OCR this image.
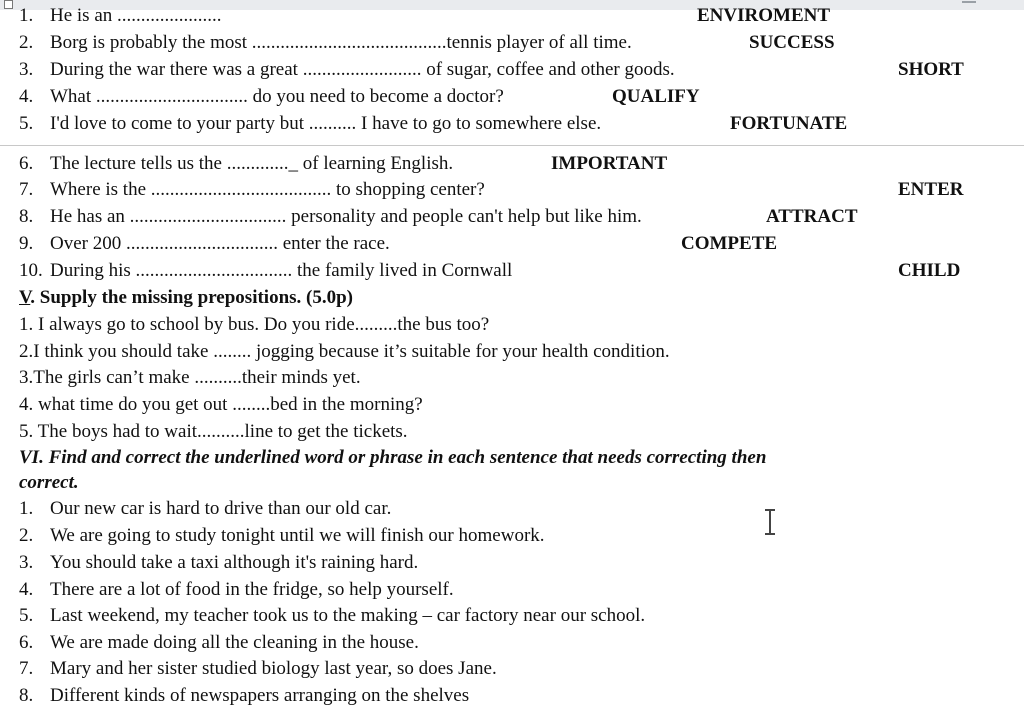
1. He is an ......................	ENVIROMENT
2. Borg is probably the most .........................................tennis player of all time.	SUCCESS
3. During the war there was a great ......................... of sugar, coffee and other goods.	SHORT
4. What ................................ do you need to become a doctor?	QUALIFY
5. I'd love to come to your party but .......... I have to go to somewhere else.	FORTUNATE
6. The lecture tells us the ............._ of learning English.	IMPORTANT
7. Where is the ...................................... to shopping center?	ENTER
8. He has an ................................. personality and people can't help but like him.	ATTRACT
9. Over 200 ................................ enter the race.	COMPETE
10. During his ................................. the family lived in Cornwall	CHILD
V. Supply the missing prepositions. (5.0p)
1. I always go to school by bus. Do you ride.........the bus too?
2.I think you should take ........ jogging because it’s suitable for your health condition.
3.The girls can’t make ..........their minds yet.
4. what time do you get out ........bed in the morning?
5. The boys had to wait..........line to get the tickets.
VI. Find and correct the underlined word or phrase in each sentence that needs correcting then
correct.
1. Our new car is hard to drive than our old car.
2. We are going to study tonight until we will finish our homework.
3. You should take a taxi although it's raining hard.
4. There are a lot of food in the fridge, so help yourself.
5. Last weekend, my teacher took us to the making – car factory near our school.
6. We are made doing all the cleaning in the house.
7. Mary and her sister studied biology last year, so does Jane.
8. Different kinds of newspapers arranging on the shelves
